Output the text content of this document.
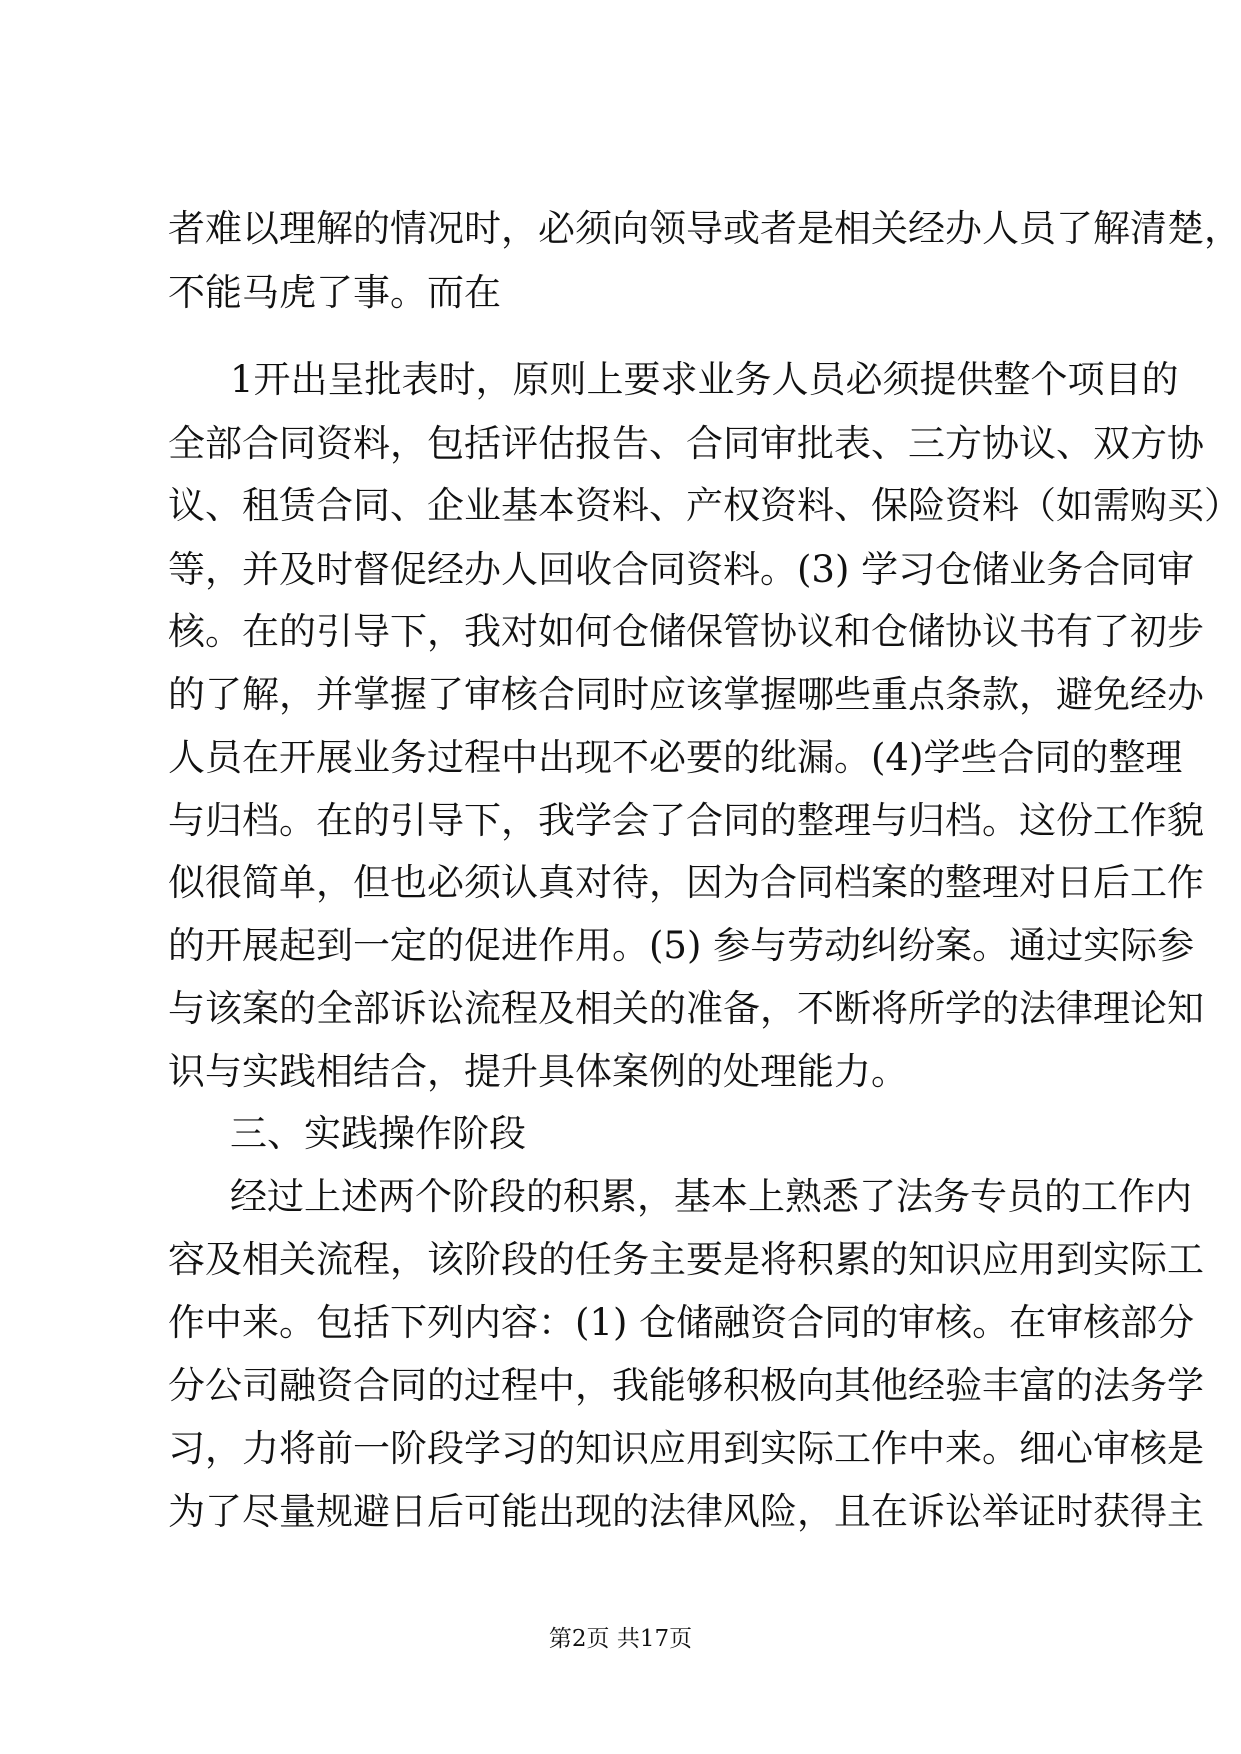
者难以理解的情况时，必须向领导或者是相关经办人员了解清楚，
不能马虎了事。而在
1开出呈批表时，原则上要求业务人员必须提供整个项目的
全部合同资料，包括评估报告、合同审批表、三方协议、双方协
议、租赁合同、企业基本资料、产权资料、保险资料（如需购买）
等，并及时督促经办人回收合同资料。(3) 学习仓储业务合同审
核。在的引导下，我对如何仓储保管协议和仓储协议书有了初步
的了解，并掌握了审核合同时应该掌握哪些重点条款，避免经办
人员在开展业务过程中出现不必要的纰漏。(4)学些合同的整理
与归档。在的引导下，我学会了合同的整理与归档。这份工作貌
似很简单，但也必须认真对待，因为合同档案的整理对日后工作
的开展起到一定的促进作用。(5) 参与劳动纠纷案。通过实际参
与该案的全部诉讼流程及相关的准备，不断将所学的法律理论知
识与实践相结合，提升具体案例的处理能力。
三、实践操作阶段
经过上述两个阶段的积累，基本上熟悉了法务专员的工作内
容及相关流程，该阶段的任务主要是将积累的知识应用到实际工
作中来。包括下列内容：(1) 仓储融资合同的审核。在审核部分
分公司融资合同的过程中，我能够积极向其他经验丰富的法务学
习，力将前一阶段学习的知识应用到实际工作中来。细心审核是
为了尽量规避日后可能出现的法律风险，且在诉讼举证时获得主
第2页 共17页
